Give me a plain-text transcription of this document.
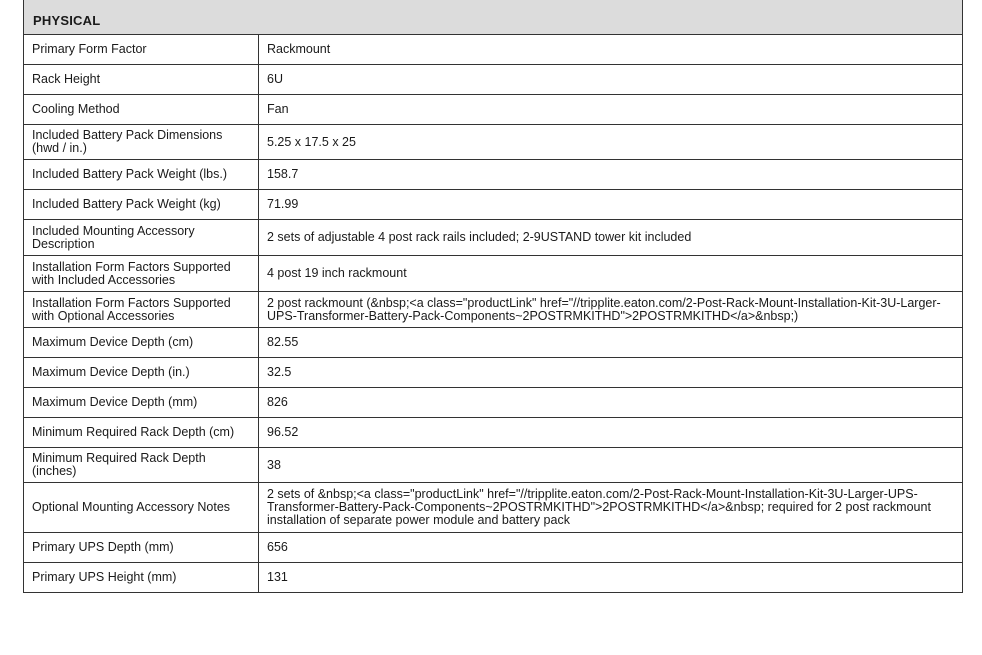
PHYSICAL
Primary Form Factor	Rackmount
Rack Height	6U
Cooling Method	Fan
Included Battery Pack Dimensions (hwd / in.)	5.25 x 17.5 x 25
Included Battery Pack Weight (lbs.)	158.7
Included Battery Pack Weight (kg)	71.99
Included Mounting Accessory Description	2 sets of adjustable 4 post rack rails included; 2-9USTAND tower kit included
Installation Form Factors Supported with Included Accessories	4 post 19 inch rackmount
Installation Form Factors Supported with Optional Accessories	2 post rackmount (&nbsp;<a class="productLink" href="//tripplite.eaton.com/2-Post-Rack-Mount-Installation-Kit-3U-Larger-UPS-Transformer-Battery-Pack-Components~2POSTRMKITHD">2POSTRMKITHD</a>&nbsp;)
Maximum Device Depth (cm)	82.55
Maximum Device Depth (in.)	32.5
Maximum Device Depth (mm)	826
Minimum Required Rack Depth (cm)	96.52
Minimum Required Rack Depth (inches)	38
Optional Mounting Accessory Notes	2 sets of &nbsp;<a class="productLink" href="//tripplite.eaton.com/2-Post-Rack-Mount-Installation-Kit-3U-Larger-UPS-Transformer-Battery-Pack-Components~2POSTRMKITHD">2POSTRMKITHD</a>&nbsp; required for 2 post rackmount installation of separate power module and battery pack
Primary UPS Depth (mm)	656
Primary UPS Height (mm)	131
